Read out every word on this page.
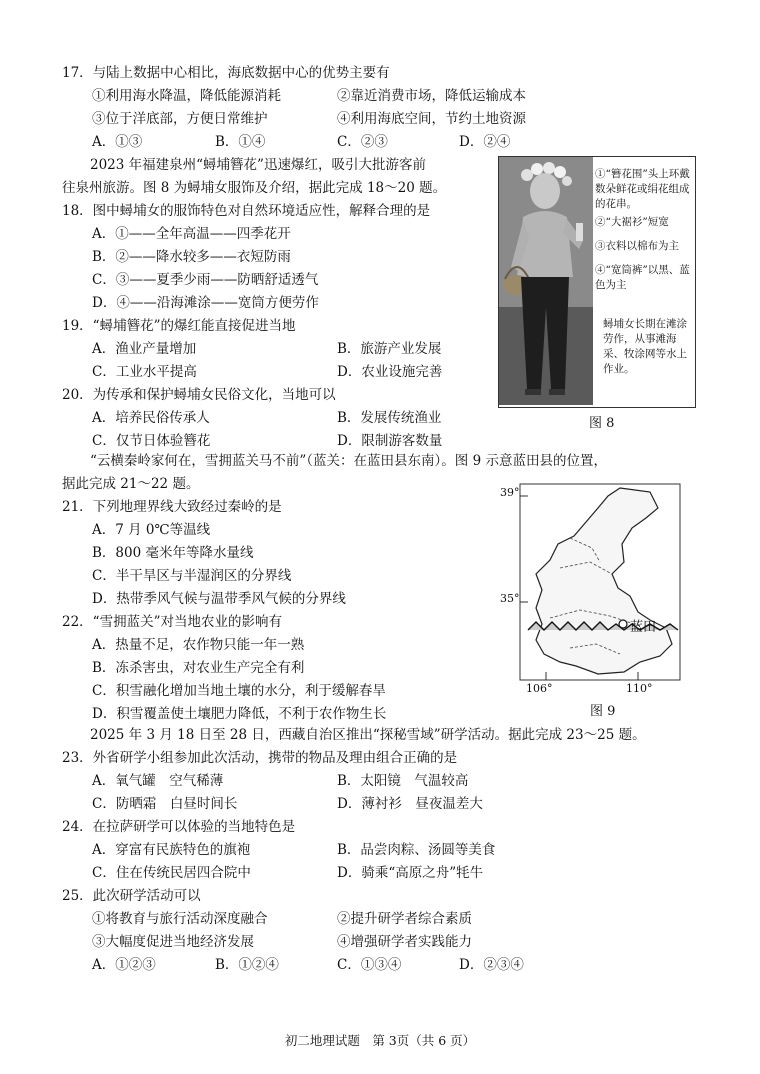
17．与陆上数据中心相比，海底数据中心的优势主要有
①利用海水降温，降低能源消耗	②靠近消费市场，降低运输成本
③位于洋底部，方便日常维护	④利用海底空间，节约土地资源
A．①③	B．①④	C．②③	D．②④
2023 年福建泉州“蟳埔簪花”迅速爆红，吸引大批游客前
往泉州旅游。图 8 为蟳埔女服饰及介绍，据此完成 18～20 题。
18．图中蟳埔女的服饰特色对自然环境适应性，解释合理的是
A．①——全年高温——四季花开
B．②——降水较多——衣短防雨
C．③——夏季少雨——防晒舒适透气
D．④——沿海滩涂——宽筒方便劳作
19．“蟳埔簪花”的爆红能直接促进当地
A．渔业产量增加	B．旅游产业发展
C．工业水平提高	D．农业设施完善
20．为传承和保护蟳埔女民俗文化，当地可以
A．培养民俗传承人	B．发展传统渔业
C．仅节日体验簪花	D．限制游客数量
①“簪花围”头上环戴数朵鲜花或绢花组成的花串。
②“大裾衫”短宽
③衣料以棉布为主
④“宽筒裤”以黑、蓝色为主
蟳埔女长期在滩涂劳作，从事滩海采、牧涂网等水上作业。
图 8
“云横秦岭家何在，雪拥蓝关马不前”（蓝关：在蓝田县东南）。图 9 示意蓝田县的位置，
据此完成 21～22 题。
21．下列地理界线大致经过秦岭的是
A．7 月 0℃等温线
B．800 毫米年等降水量线
C．半干旱区与半湿润区的分界线
D．热带季风气候与温带季风气候的分界线
22．“雪拥蓝关”对当地农业的影响有
A．热量不足，农作物只能一年一熟
B．冻杀害虫，对农业生产完全有利
C．积雪融化增加当地土壤的水分，利于缓解春旱
D．积雪覆盖使土壤肥力降低，不利于农作物生长
39°
35°
106°	110°
蓝田
图 9
2025 年 3 月 18 日至 28 日，西藏自治区推出“探秘雪域”研学活动。据此完成 23～25 题。
23．外省研学小组参加此次活动，携带的物品及理由组合正确的是
A．氧气罐　空气稀薄	B．太阳镜　气温较高
C．防晒霜　白昼时间长	D．薄衬衫　昼夜温差大
24．在拉萨研学可以体验的当地特色是
A．穿富有民族特色的旗袍	B．品尝肉粽、汤圆等美食
C．住在传统民居四合院中	D．骑乘“高原之舟”牦牛
25．此次研学活动可以
①将教育与旅行活动深度融合	②提升研学者综合素质
③大幅度促进当地经济发展	④增强研学者实践能力
A．①②③	B．①②④	C．①③④	D．②③④
初二地理试题　第 3页（共 6 页）
